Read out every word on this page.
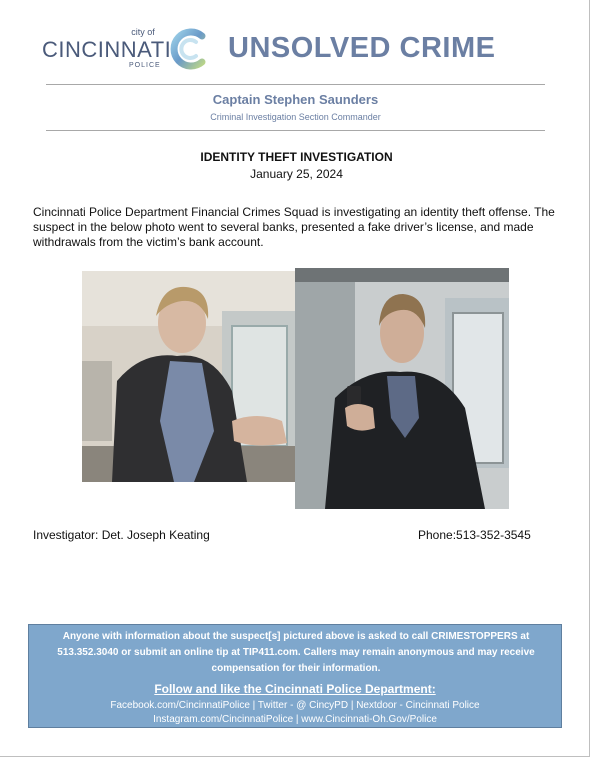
city of
CINCINNATI
POLICE
UNSOLVED CRIME
Captain Stephen Saunders
Criminal Investigation Section Commander
IDENTITY THEFT INVESTIGATION
January 25, 2024

Cincinnati Police Department Financial Crimes Squad is investigating an identity theft offense. The suspect in the below photo went to several banks, presented a fake driver’s license, and made withdrawals from the victim’s bank account.

Investigator: Det. Joseph Keating	Phone:513-352-3545
Anyone with information about the suspect[s] pictured above is asked to call CRIMESTOPPERS at 513.352.3040 or submit an online tip at TIP411.com. Callers may remain anonymous and may receive compensation for their information.
Follow and like the Cincinnati Police Department:
Facebook.com/CincinnatiPolice | Twitter - @ CincyPD | Nextdoor - Cincinnati Police
Instagram.com/CincinnatiPolice | www.Cincinnati-Oh.Gov/Police
